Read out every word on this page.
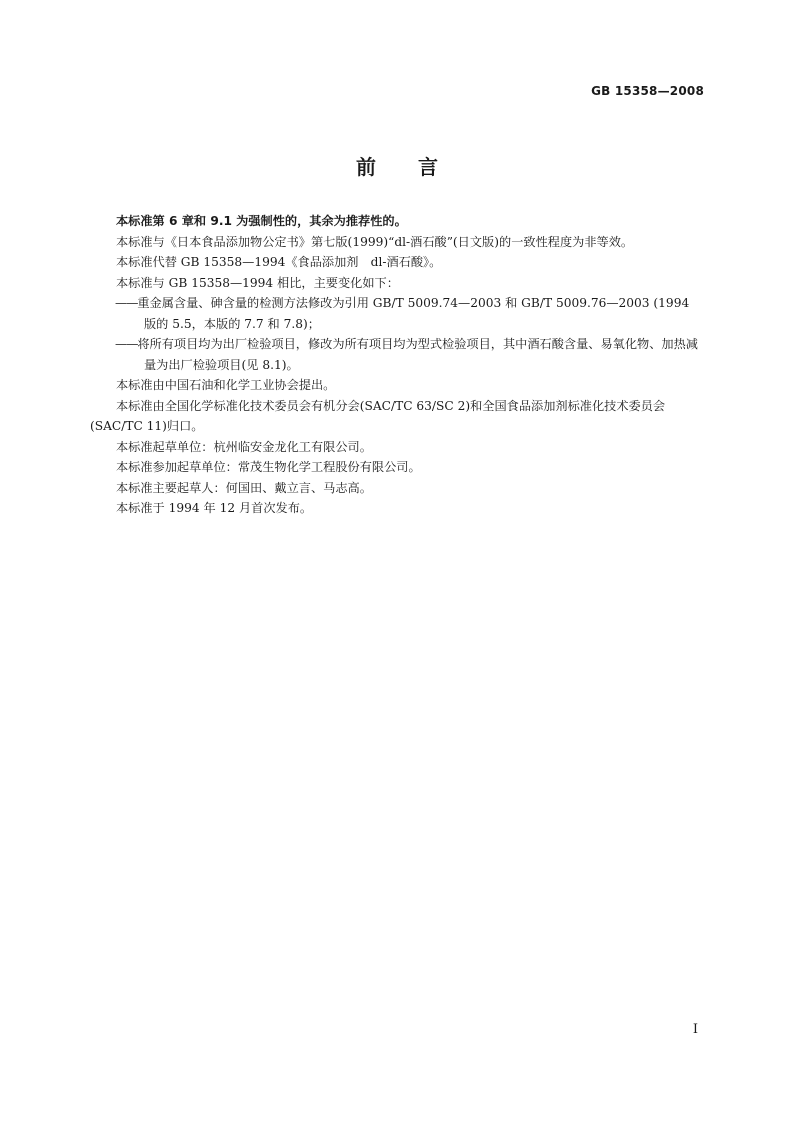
GB 15358—2008
前言

本标准第 6 章和 9.1 为强制性的，其余为推荐性的。

本标准与《日本食品添加物公定书》第七版(1999)“dl-酒石酸”(日文版)的一致性程度为非等效。

本标准代替 GB 15358—1994《食品添加剂　dl-酒石酸》。

本标准与 GB 15358—1994 相比，主要变化如下：

——重金属含量、砷含量的检测方法修改为引用 GB/T 5009.74—2003 和 GB/T 5009.76—2003 (1994 版的 5.5，本版的 7.7 和 7.8)；

——将所有项目均为出厂检验项目，修改为所有项目均为型式检验项目，其中酒石酸含量、易氧化物、加热减量为出厂检验项目(见 8.1)。

本标准由中国石油和化学工业协会提出。

本标准由全国化学标准化技术委员会有机分会(SAC/TC 63/SC 2)和全国食品添加剂标准化技术委员会(SAC/TC 11)归口。

本标准起草单位：杭州临安金龙化工有限公司。

本标准参加起草单位：常茂生物化学工程股份有限公司。

本标准主要起草人：何国田、戴立言、马志高。

本标准于 1994 年 12 月首次发布。

I
